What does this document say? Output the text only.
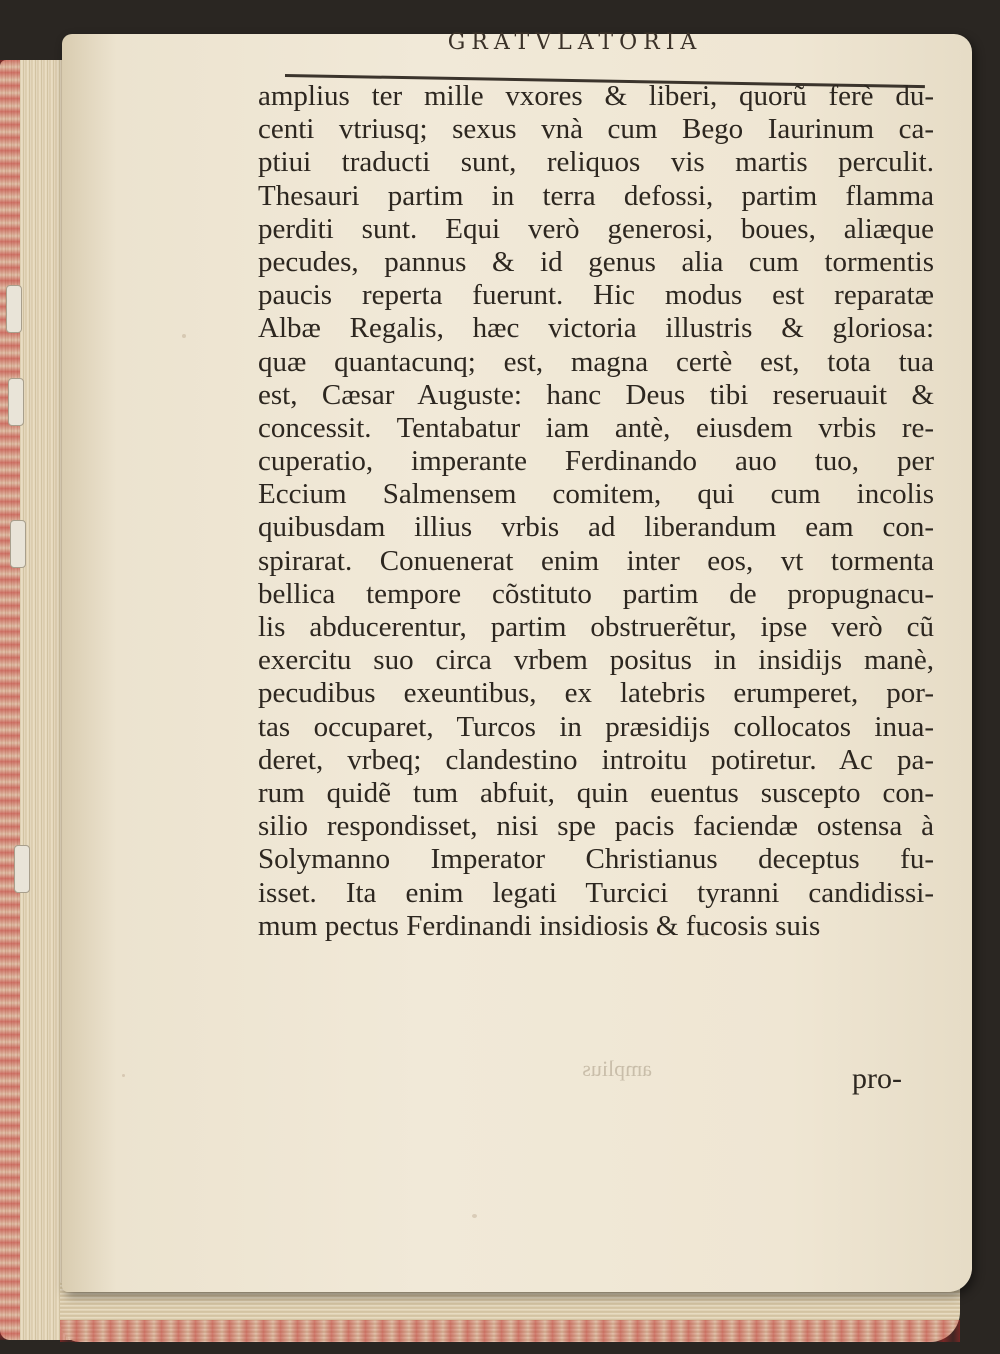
GRATVLATORIA
amplius ter mille vxores & liberi, quorũ ferè du-
centi vtriusq; sexus vnà cum Bego Iaurinum ca-
ptiui traducti sunt, reliquos vis martis perculit.
Thesauri partim in terra defossi, partim flamma
perditi sunt. Equi verò generosi, boues, aliæque
pecudes, pannus & id genus alia cum tormentis
paucis reperta fuerunt. Hic modus est reparatæ
Albæ Regalis, hæc victoria illustris & gloriosa:
quæ quantacunq; est, magna certè est, tota tua
est, Cæsar Auguste: hanc Deus tibi reseruauit &
concessit. Tentabatur iam antè, eiusdem vrbis re-
cuperatio, imperante Ferdinando auo tuo, per
Eccium Salmensem comitem, qui cum incolis
quibusdam illius vrbis ad liberandum eam con-
spirarat. Conuenerat enim inter eos, vt tormenta
bellica tempore cõstituto partim de propugnacu-
lis abducerentur, partim obstruerẽtur, ipse verò cũ
exercitu suo circa vrbem positus in insidijs manè,
pecudibus exeuntibus, ex latebris erumperet, por-
tas occuparet, Turcos in præsidijs collocatos inua-
deret, vrbeq; clandestino introitu potiretur. Ac pa-
rum quidẽ tum abfuit, quin euentus suscepto con-
silio respondisset, nisi spe pacis faciendæ ostensa à
Solymanno Imperator Christianus deceptus fu-
isset. Ita enim legati Turcici tyranni candidissi-
mum pectus Ferdinandi insidiosis & fucosis suis
amplius	pro-
